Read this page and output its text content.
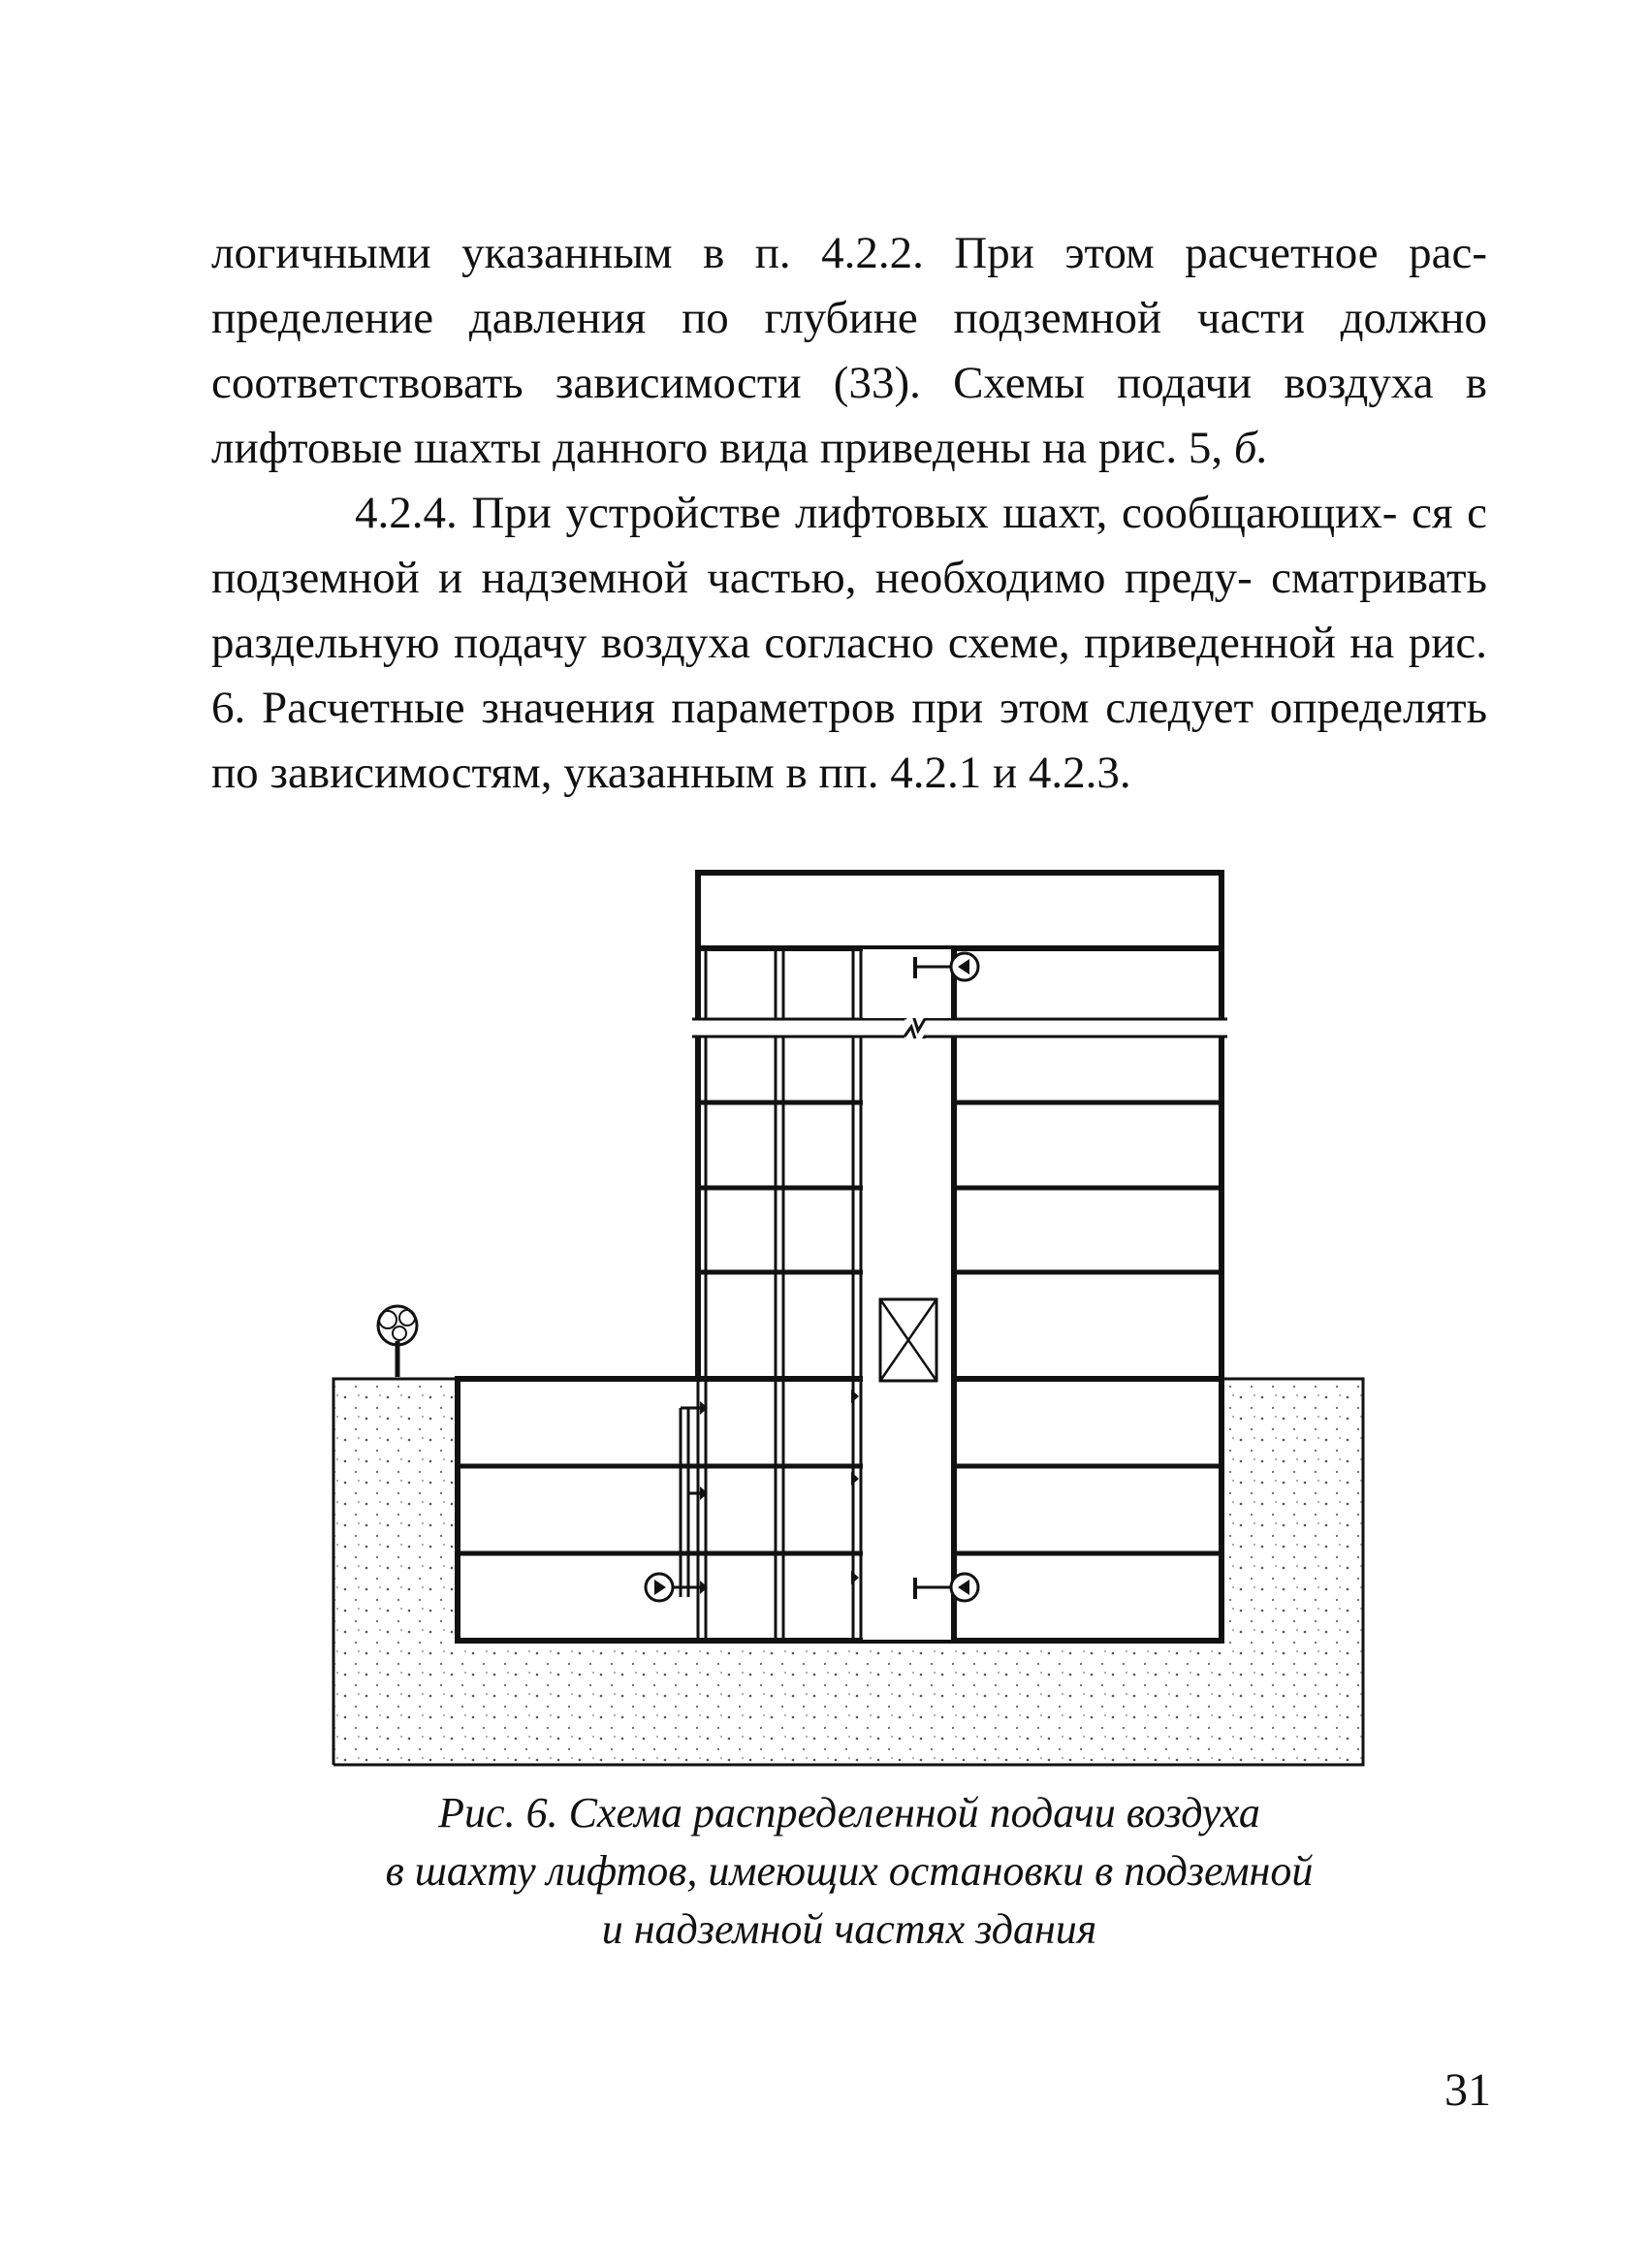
логичными указанным в п. 4.2.2. При этом расчетное рас- пределение давления по глубине подземной части должно соответствовать зависимости (33). Схемы подачи воздуха в лифтовые шахты данного вида приведены на рис. 5, б.

4.2.4. При устройстве лифтовых шахт, сообщающих- ся с подземной и надземной частью, необходимо преду- сматривать раздельную подачу воздуха согласно схеме, приведенной на рис. 6. Расчетные значения параметров при этом следует определять по зависимостям, указанным в пп. 4.2.1 и 4.2.3.

Рис. 6. Схема распределенной подачи воздуха
в шахту лифтов, имеющих остановки в подземной
и надземной частях здания
31
